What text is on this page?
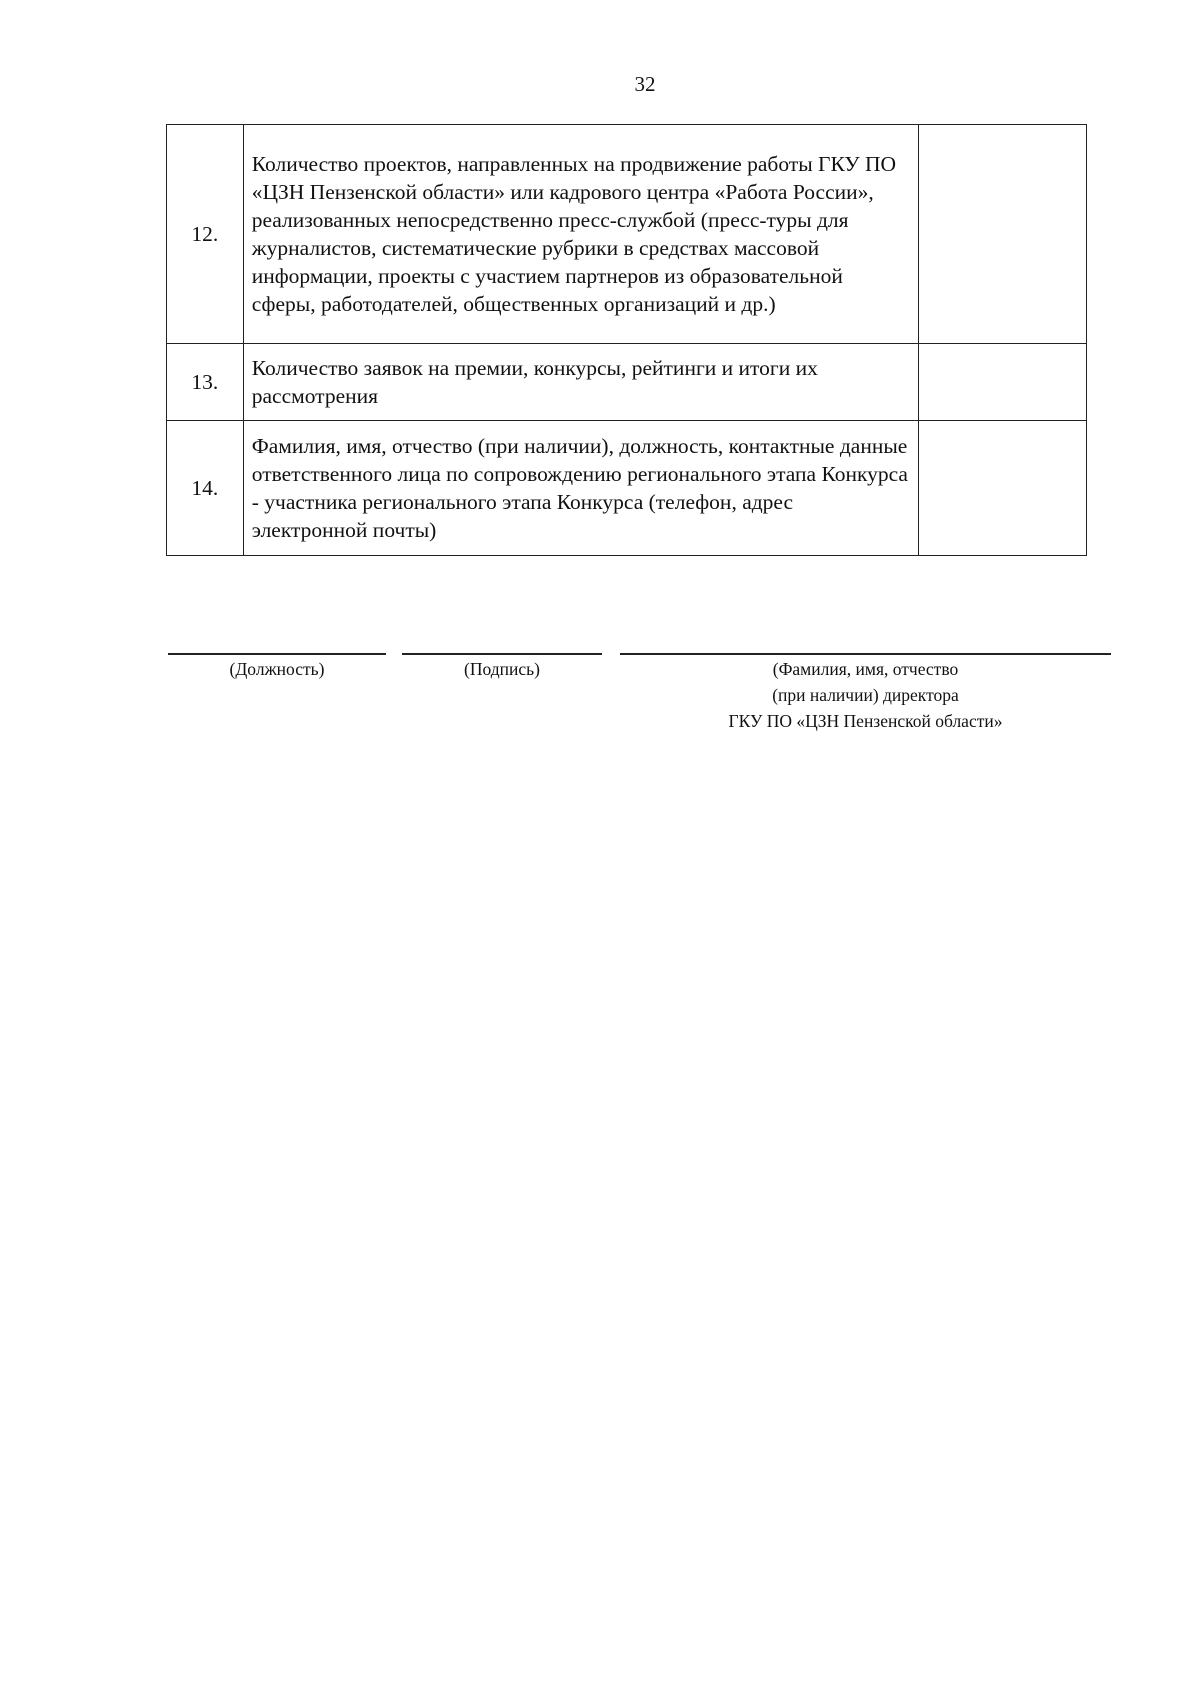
32
12.	Количество проектов, направленных на продвижение работы ГКУ ПО «ЦЗН Пензенской области» или кадрового центра «Работа России», реализованных непосредственно пресс-службой (пресс-туры для журналистов, систематические рубрики в средствах массовой информации, проекты с участием партнеров из образовательной сферы, работодателей, общественных организаций и др.)	
13.	Количество заявок на премии, конкурсы, рейтинги и итоги их рассмотрения	
14.	Фамилия, имя, отчество (при наличии), должность, контактные данные ответственного лица по сопровождению регионального этапа Конкурса - участника регионального этапа Конкурса (телефон, адрес электронной почты)	
(Должность)	(Подпись)	(Фамилия, имя, отчество
(при наличии) директора
ГКУ ПО «ЦЗН Пензенской области»
